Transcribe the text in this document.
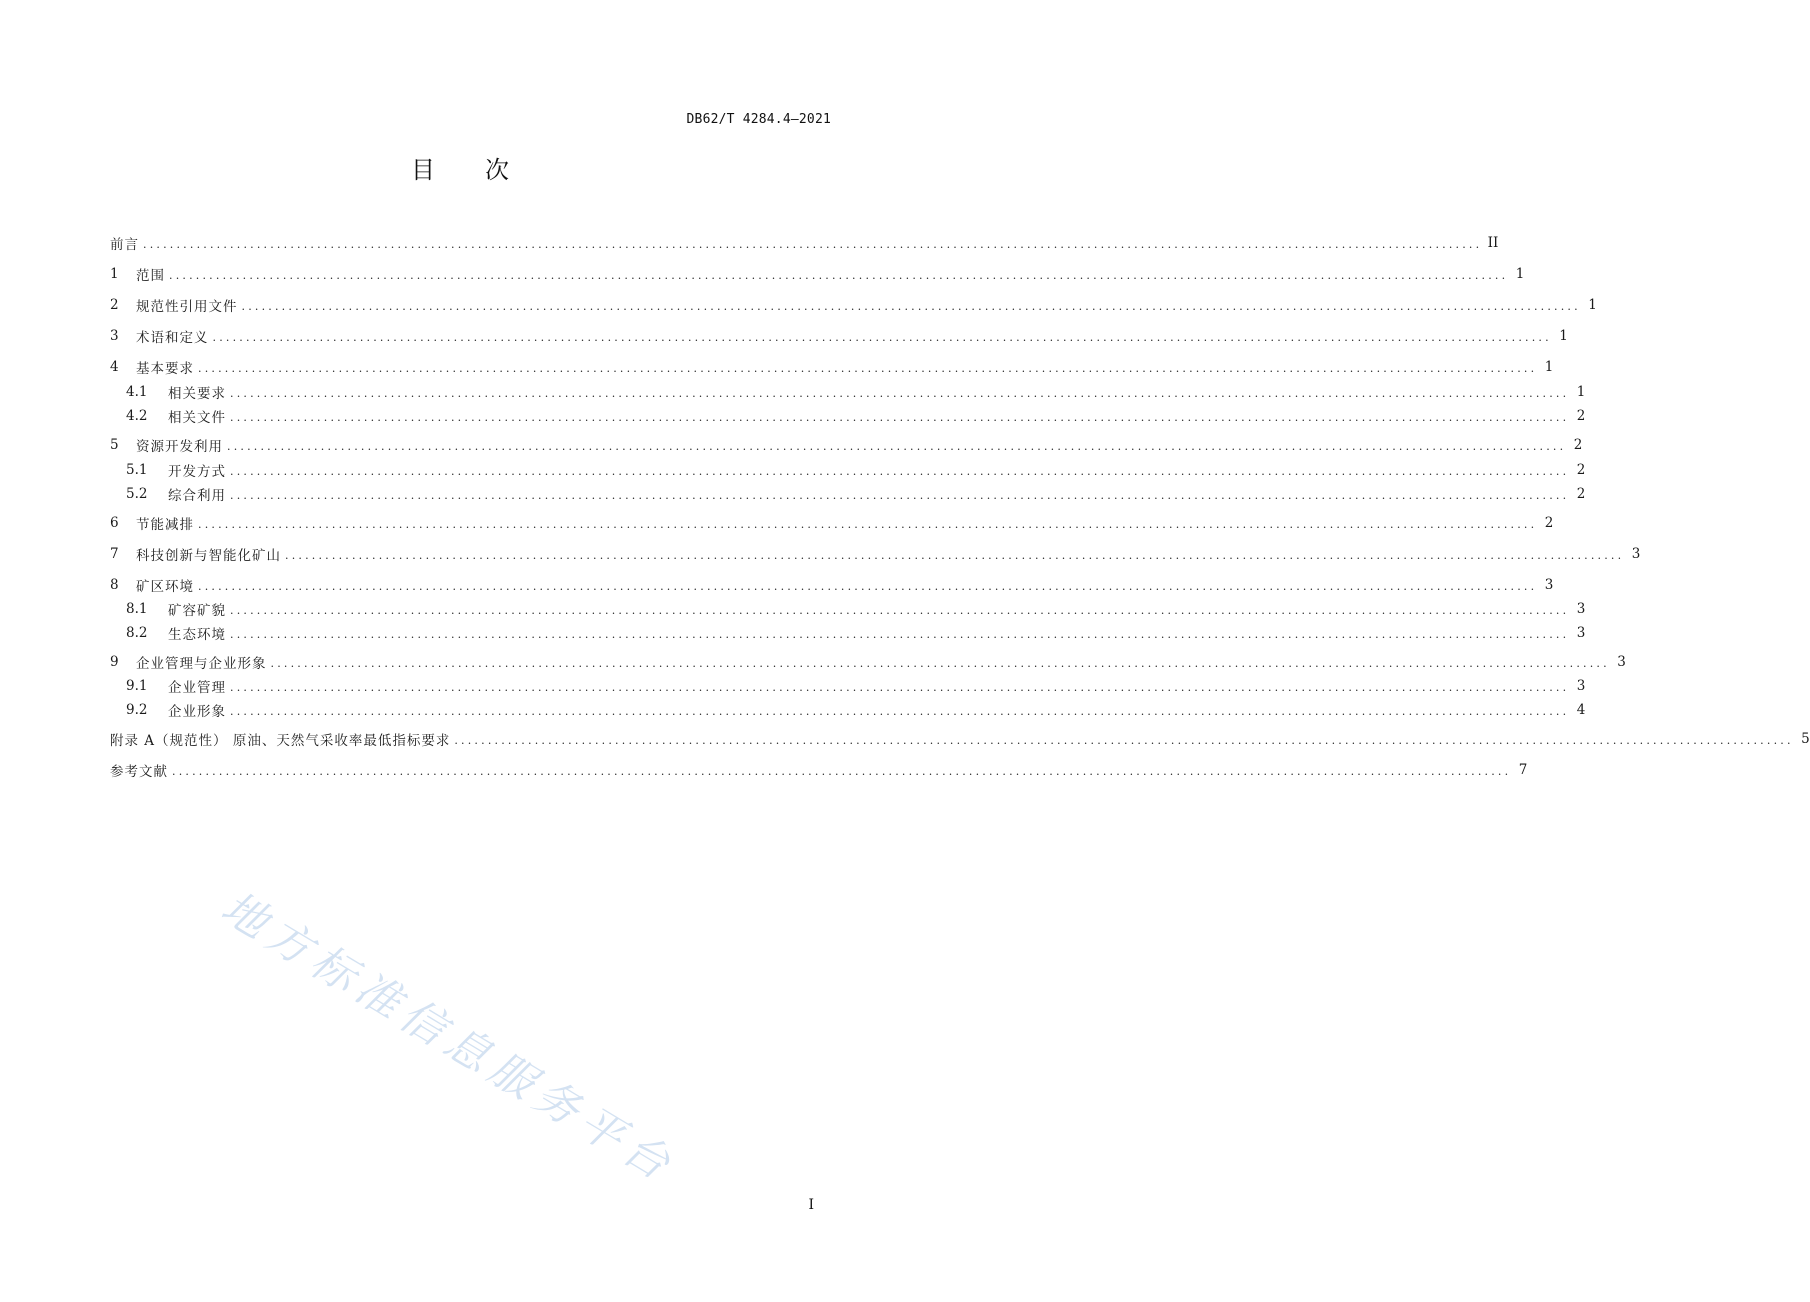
DB62/T 4284.4—2021
目 次
前言 ........................................................................................................................................................................................................ II
1	范围 ........................................................................................................................................................................................................ 1
2	规范性引用文件 ........................................................................................................................................................................................................ 1
3	术语和定义 ........................................................................................................................................................................................................ 1
4	基本要求 ........................................................................................................................................................................................................ 1
4.1	相关要求 ........................................................................................................................................................................................................ 1
4.2	相关文件 ........................................................................................................................................................................................................ 2
5	资源开发利用 ........................................................................................................................................................................................................ 2
5.1	开发方式 ........................................................................................................................................................................................................ 2
5.2	综合利用 ........................................................................................................................................................................................................ 2
6	节能减排 ........................................................................................................................................................................................................ 2
7	科技创新与智能化矿山 ........................................................................................................................................................................................................ 3
8	矿区环境 ........................................................................................................................................................................................................ 3
8.1	矿容矿貌 ........................................................................................................................................................................................................ 3
8.2	生态环境 ........................................................................................................................................................................................................ 3
9	企业管理与企业形象 ........................................................................................................................................................................................................ 3
9.1	企业管理 ........................................................................................................................................................................................................ 3
9.2	企业形象 ........................................................................................................................................................................................................ 4
附录 A（规范性） 原油、天然气采收率最低指标要求 ........................................................................................................................................................................................................ 5
参考文献 ........................................................................................................................................................................................................ 7
地方标准信息服务平台
I
